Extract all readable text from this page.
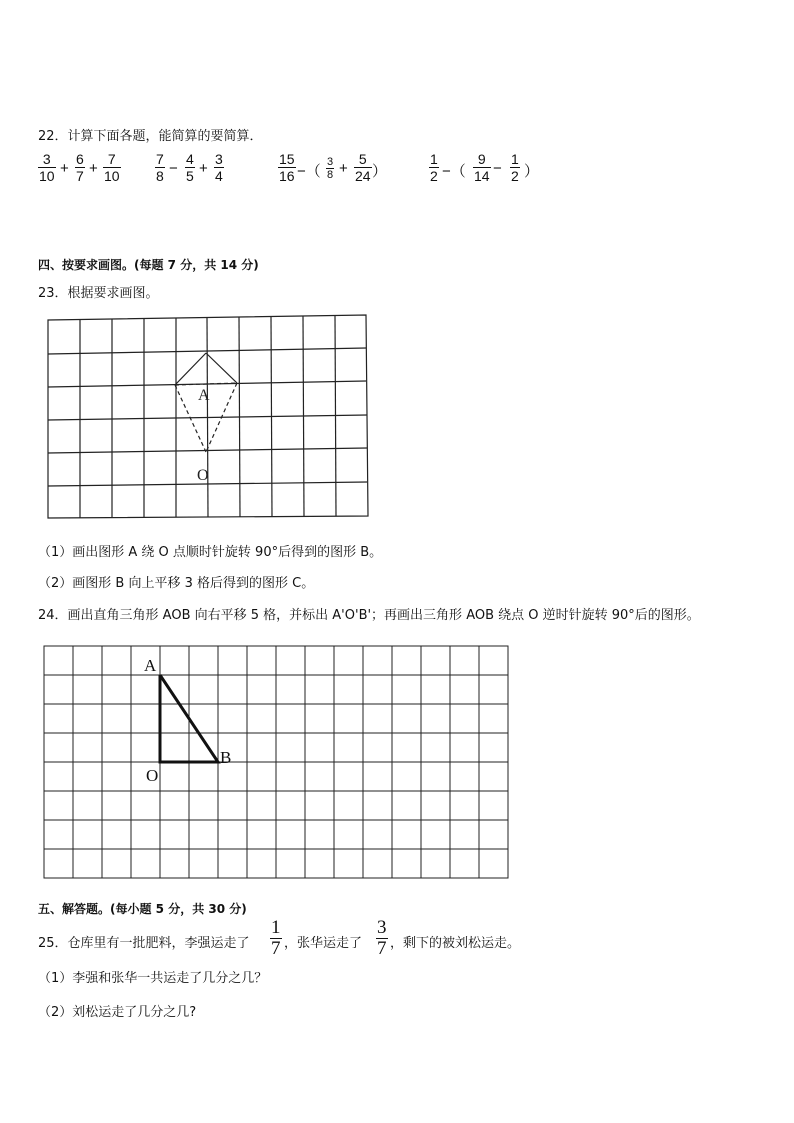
22．计算下面各题，能简算的要简算．
3
10 +
6
7 +
7
10
7
8 −
4
5 +
3
4
15
16 −（
3
8 +
5
24 ）
1
2 −（
9
14 −
1
2 ）
四、按要求画图。(每题 7 分，共 14 分)
23．根据要求画图。
A
O
（1）画出图形 A 绕 O 点顺时针旋转 90°后得到的图形 B。
（2）画图形 B 向上平移 3 格后得到的图形 C。
24．画出直角三角形 AOB 向右平移 5 格，并标出 A'O'B'；再画出三角形 AOB 绕点 O 逆时针旋转 90°后的图形。
A
O
B
五、解答题。(每小题 5 分，共 30 分)
25．仓库里有一批肥料，李强运走了
1
7 ，张华运走了
3
7 ，剩下的被刘松运走。
（1）李强和张华一共运走了几分之几？
（2）刘松运走了几分之几?
